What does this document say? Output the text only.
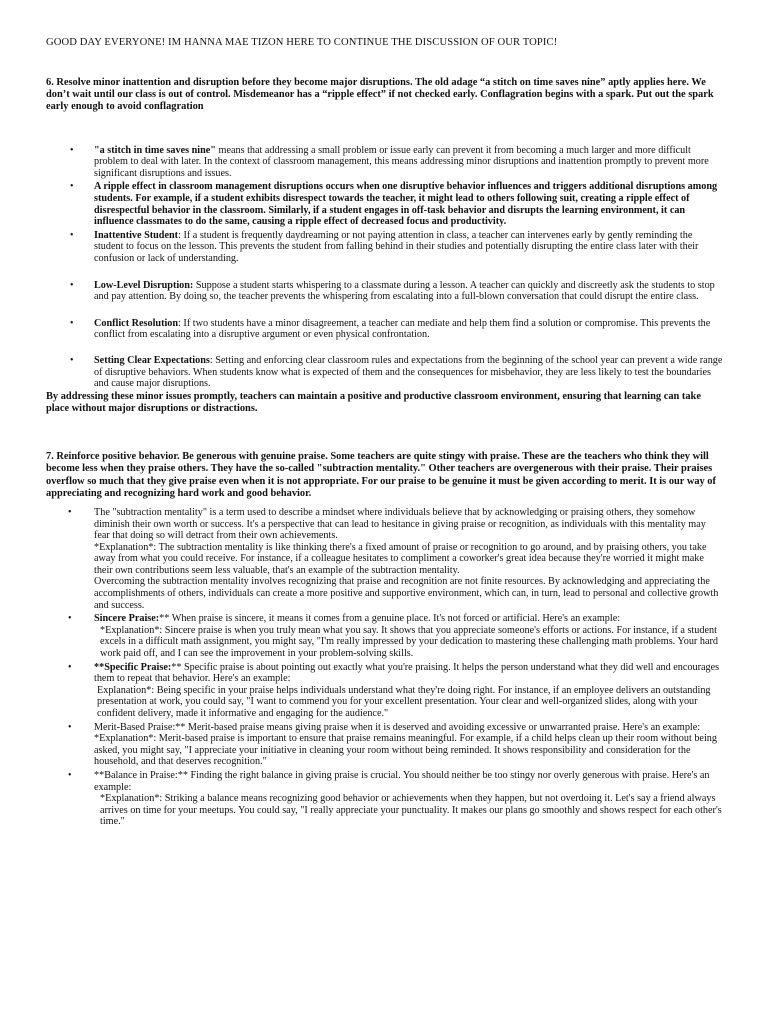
GOOD DAY EVERYONE! IM HANNA MAE TIZON HERE TO CONTINUE THE DISCUSSION OF OUR TOPIC!

6. Resolve minor inattention and disruption before they become major disruptions. The old adage “a stitch on time saves nine” aptly applies here. We don’t wait until our class is out of control. Misdemeanor has a “ripple effect” if not checked early. Conflagration begins with a spark. Put out the spark early enough to avoid conflagration

• "a stitch in time saves nine" means that addressing a small problem or issue early can prevent it from becoming a much larger and more difficult problem to deal with later. In the context of classroom management, this means addressing minor disruptions and inattention promptly to prevent more significant disruptions and issues.
• A ripple effect in classroom management disruptions occurs when one disruptive behavior influences and triggers additional disruptions among students. For example, if a student exhibits disrespect towards the teacher, it might lead to others following suit, creating a ripple effect of disrespectful behavior in the classroom. Similarly, if a student engages in off-task behavior and disrupts the learning environment, it can influence classmates to do the same, causing a ripple effect of decreased focus and productivity.
• Inattentive Student: If a student is frequently daydreaming or not paying attention in class, a teacher can intervenes early by gently reminding the student to focus on the lesson. This prevents the student from falling behind in their studies and potentially disrupting the entire class later with their confusion or lack of understanding.
• Low-Level Disruption: Suppose a student starts whispering to a classmate during a lesson. A teacher can quickly and discreetly ask the students to stop and pay attention. By doing so, the teacher prevents the whispering from escalating into a full-blown conversation that could disrupt the entire class.
• Conflict Resolution: If two students have a minor disagreement, a teacher can mediate and help them find a solution or compromise. This prevents the conflict from escalating into a disruptive argument or even physical confrontation.
• Setting Clear Expectations: Setting and enforcing clear classroom rules and expectations from the beginning of the school year can prevent a wide range of disruptive behaviors. When students know what is expected of them and the consequences for misbehavior, they are less likely to test the boundaries and cause major disruptions.

By addressing these minor issues promptly, teachers can maintain a positive and productive classroom environment, ensuring that learning can take place without major disruptions or distractions.

7. Reinforce positive behavior. Be generous with genuine praise. Some teachers are quite stingy with praise. These are the teachers who think they will become less when they praise others. They have the so-called "subtraction mentality." Other teachers are overgenerous with their praise. Their praises overflow so much that they give praise even when it is not appropriate. For our praise to be genuine it must be given according to merit. It is our way of appreciating and recognizing hard work and good behavior.

• The "subtraction mentality" is a term used to describe a mindset where individuals believe that by acknowledging or praising others, they somehow diminish their own worth or success. It's a perspective that can lead to hesitance in giving praise or recognition, as individuals with this mentality may fear that doing so will detract from their own achievements.
*Explanation*: The subtraction mentality is like thinking there's a fixed amount of praise or recognition to go around, and by praising others, you take away from what you could receive. For instance, if a colleague hesitates to compliment a coworker's great idea because they're worried it might make their own contributions seem less valuable, that's an example of the subtraction mentality.
Overcoming the subtraction mentality involves recognizing that praise and recognition are not finite resources. By acknowledging and appreciating the accomplishments of others, individuals can create a more positive and supportive environment, which can, in turn, lead to personal and collective growth and success.
• Sincere Praise:** When praise is sincere, it means it comes from a genuine place. It's not forced or artificial. Here's an example:
*Explanation*: Sincere praise is when you truly mean what you say. It shows that you appreciate someone's efforts or actions. For instance, if a student excels in a difficult math assignment, you might say, "I'm really impressed by your dedication to mastering these challenging math problems. Your hard work paid off, and I can see the improvement in your problem-solving skills.
• **Specific Praise:** Specific praise is about pointing out exactly what you're praising. It helps the person understand what they did well and encourages them to repeat that behavior. Here's an example:
Explanation*: Being specific in your praise helps individuals understand what they're doing right. For instance, if an employee delivers an outstanding presentation at work, you could say, "I want to commend you for your excellent presentation. Your clear and well-organized slides, along with your confident delivery, made it informative and engaging for the audience."
• Merit-Based Praise:** Merit-based praise means giving praise when it is deserved and avoiding excessive or unwarranted praise. Here's an example:
*Explanation*: Merit-based praise is important to ensure that praise remains meaningful. For example, if a child helps clean up their room without being asked, you might say, "I appreciate your initiative in cleaning your room without being reminded. It shows responsibility and consideration for the household, and that deserves recognition."
• **Balance in Praise:** Finding the right balance in giving praise is crucial. You should neither be too stingy nor overly generous with praise. Here's an example:
*Explanation*: Striking a balance means recognizing good behavior or achievements when they happen, but not overdoing it. Let's say a friend always arrives on time for your meetups. You could say, "I really appreciate your punctuality. It makes our plans go smoothly and shows respect for each other's time."
